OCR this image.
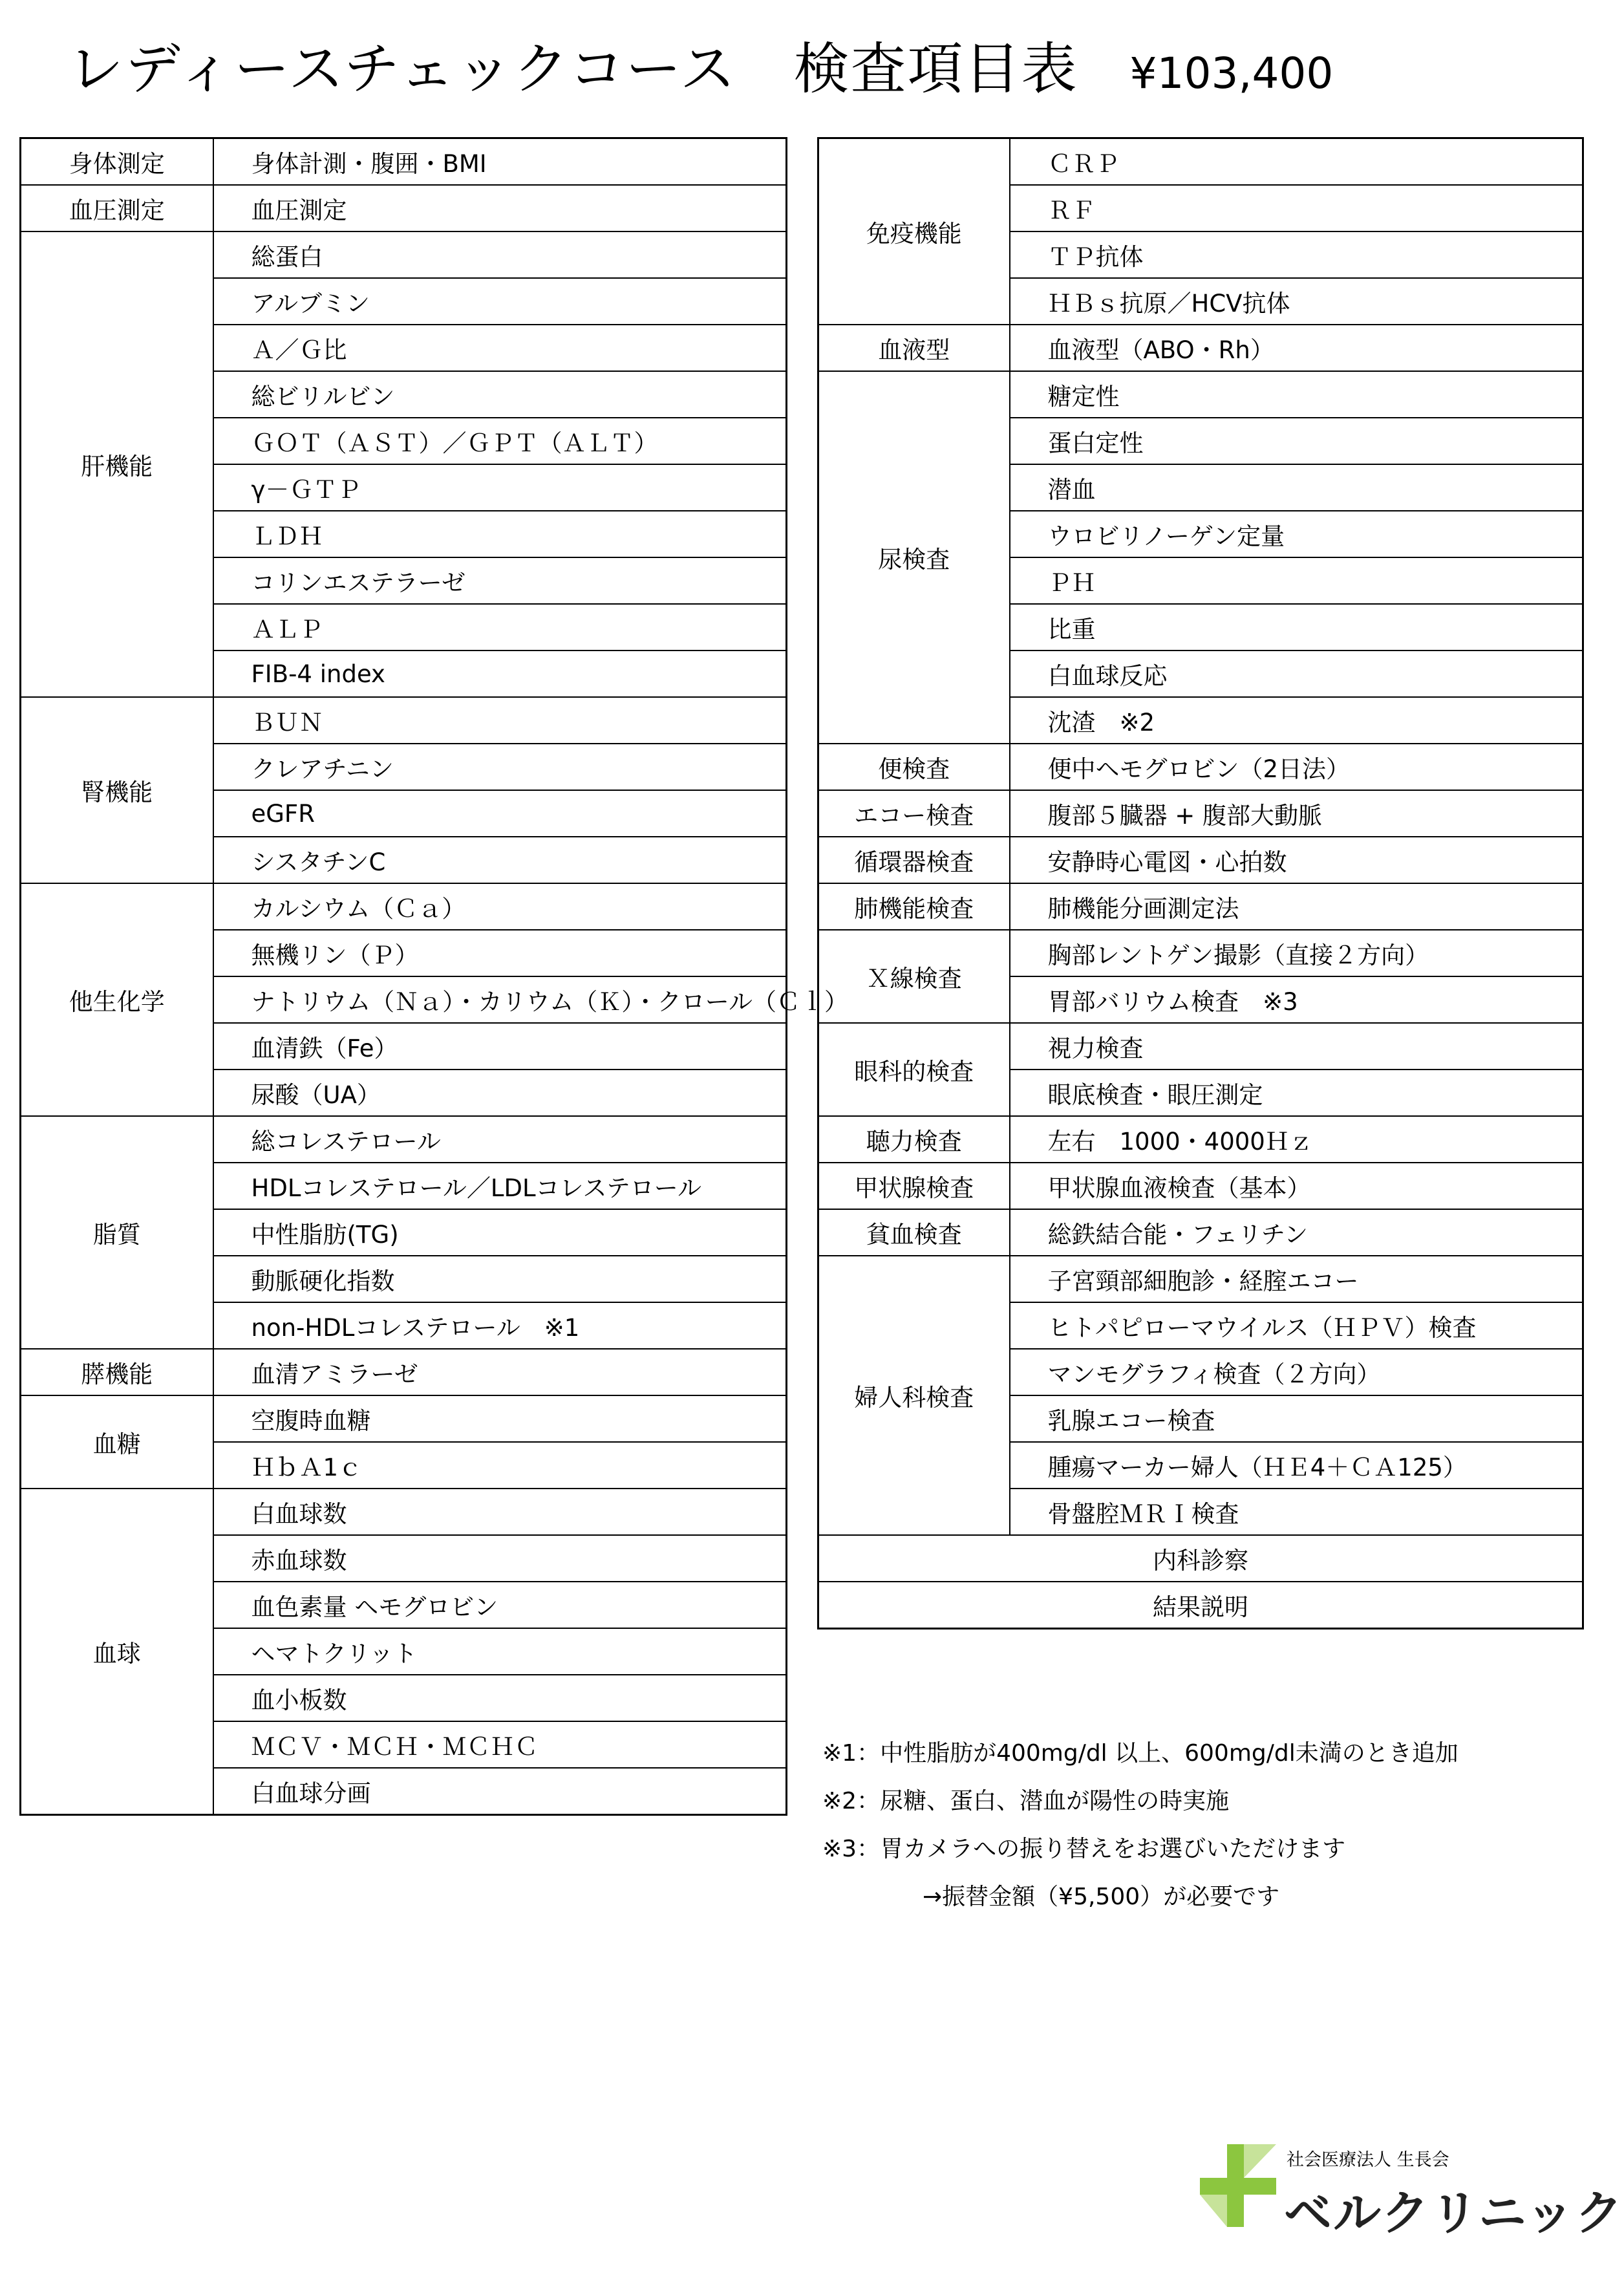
レディースチェックコース　検査項目表 ¥103,400
身体測定	身体計測・腹囲・BMI
血圧測定	血圧測定
肝機能	総蛋白
	アルブミン
	Ａ／Ｇ比
	総ビリルビン
	ＧＯＴ（ＡＳＴ）／ＧＰＴ（ＡＬＴ）
	γ－ＧＴＰ
	ＬＤＨ
	コリンエステラーゼ
	ＡＬＰ
	FIB-4 index
腎機能	ＢＵＮ
	クレアチニン
	eGFR
	シスタチンC
他生化学	カルシウム（Ｃａ）
	無機リン（Ｐ）
	ナトリウム（Ｎａ）・カリウム（Ｋ）・クロール（Ｃｌ）
	血清鉄（Fe）
	尿酸（UA）
脂質	総コレステロール
	HDLコレステロール／LDLコレステロール
	中性脂肪(TG)
	動脈硬化指数
	non-HDLコレステロール　※1
膵機能	血清アミラーゼ
血糖	空腹時血糖
	ＨｂＡ1ｃ
血球	白血球数
	赤血球数
	血色素量 ヘモグロビン
	ヘマトクリット
	血小板数
	ＭＣＶ・ＭＣＨ・ＭＣＨＣ
	白血球分画
免疫機能	ＣＲＰ
	ＲＦ
	ＴＰ抗体
	ＨＢｓ抗原／HCV抗体
血液型	血液型（ABO・Rh）
尿検査	糖定性
	蛋白定性
	潜血
	ウロビリノーゲン定量
	ＰＨ
	比重
	白血球反応
	沈渣　※2
便検査	便中ヘモグロビン（2日法）
エコー検査	腹部５臓器 + 腹部大動脈
循環器検査	安静時心電図・心拍数
肺機能検査	肺機能分画測定法
Ｘ線検査	胸部レントゲン撮影（直接２方向）
	胃部バリウム検査　※3
眼科的検査	視力検査
	眼底検査・眼圧測定
聴力検査	左右　1000・4000Ｈｚ
甲状腺検査	甲状腺血液検査（基本）
貧血検査	総鉄結合能・フェリチン
婦人科検査	子宮頸部細胞診・経腟エコー
	ヒトパピローマウイルス（ＨＰＶ）検査
	マンモグラフィ検査（２方向）
	乳腺エコー検査
	腫瘍マーカー婦人（ＨＥ4＋ＣＡ125）
	骨盤腔ＭＲＩ検査
内科診察	
結果説明	
※1：中性脂肪が400mg/dl 以上、600mg/dl未満のとき追加
※2：尿糖、蛋白、潜血が陽性の時実施
※3：胃カメラへの振り替えをお選びいただけます
→振替金額（¥5,500）が必要です
社会医療法人 生長会
ベルクリニック
